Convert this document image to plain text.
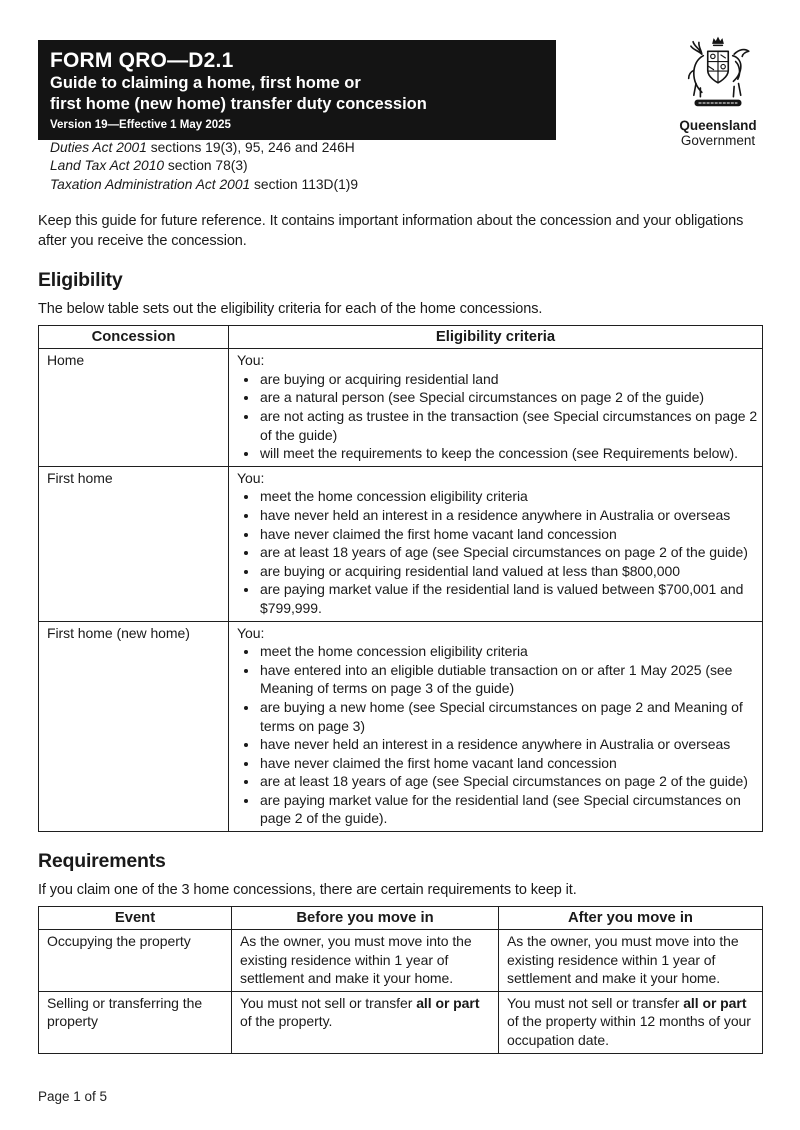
FORM QRO—D2.1
Guide to claiming a home, first home or
first home (new home) transfer duty concession
Version 19—Effective 1 May 2025	Queensland
Government
Duties Act 2001 sections 19(3), 95, 246 and 246H
Land Tax Act 2010 section 78(3)
Taxation Administration Act 2001 section 113D(1)9

Keep this guide for future reference. It contains important information about the concession and your obligations after you receive the concession.

Eligibility

The below table sets out the eligibility criteria for each of the home concessions.

Concession	Eligibility criteria
Home	You:

• are buying or acquiring residential land
• are a natural person (see Special circumstances on page 2 of the guide)
• are not acting as trustee in the transaction (see Special circumstances on page 2 of the guide)
• will meet the requirements to keep the concession (see Requirements below).

First home	You:

• meet the home concession eligibility criteria
• have never held an interest in a residence anywhere in Australia or overseas
• have never claimed the first home vacant land concession
• are at least 18 years of age (see Special circumstances on page 2 of the guide)
• are buying or acquiring residential land valued at less than $800,000
• are paying market value if the residential land is valued between $700,001 and $799,999.

First home (new home)	You:

• meet the home concession eligibility criteria
• have entered into an eligible dutiable transaction on or after 1 May 2025 (see Meaning of terms on page 3 of the guide)
• are buying a new home (see Special circumstances on page 2 and Meaning of terms on page 3)
• have never held an interest in a residence anywhere in Australia or overseas
• have never claimed the first home vacant land concession
• are at least 18 years of age (see Special circumstances on page 2 of the guide)
• are paying market value for the residential land (see Special circumstances on page 2 of the guide).
Requirements

If you claim one of the 3 home concessions, there are certain requirements to keep it.

Event	Before you move in	After you move in
Occupying the property	As the owner, you must move into the existing residence within 1 year of settlement and make it your home.	As the owner, you must move into the existing residence within 1 year of settlement and make it your home.

Selling or transferring the property	You must not sell or transfer all or part of the property.	You must not sell or transfer all or part of the property within 12 months of your occupation date.

Page 1 of 5
